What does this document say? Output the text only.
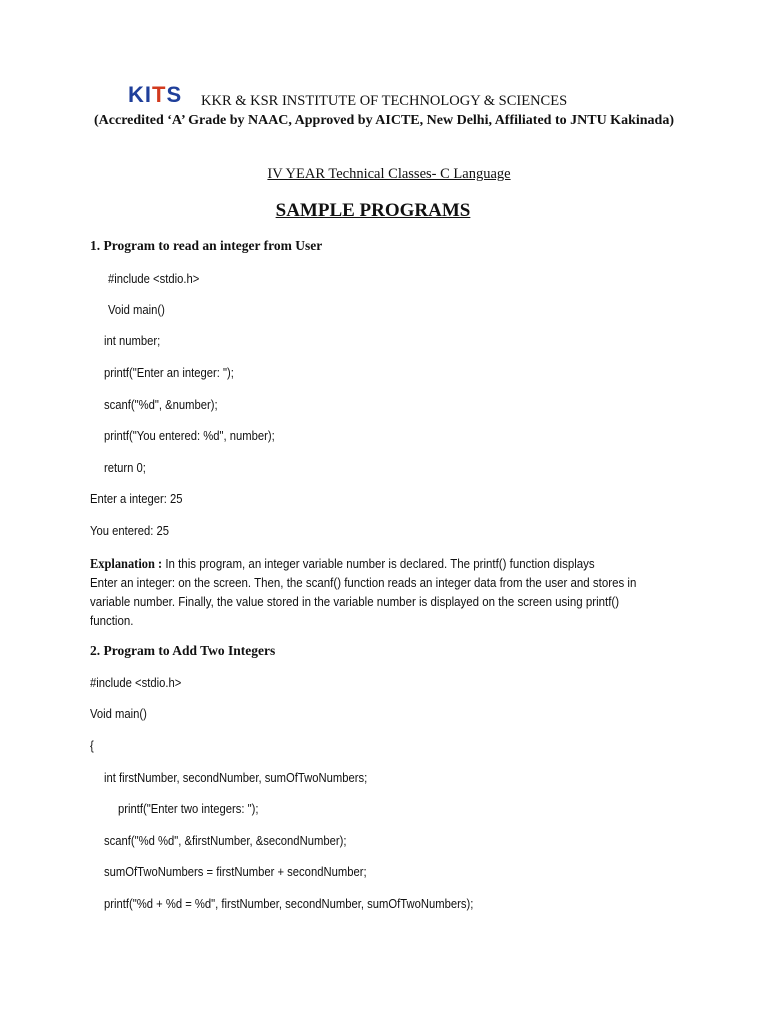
KITS KKR & KSR INSTITUTE OF TECHNOLOGY & SCIENCES
(Accredited ‘A’ Grade by NAAC, Approved by AICTE, New Delhi, Affiliated to JNTU Kakinada)
IV YEAR Technical Classes- C Language
SAMPLE PROGRAMS
1. Program to read an integer from User
#include <stdio.h>
Void main()
int number;
printf("Enter an integer: ");
scanf("%d", &number);
printf("You entered: %d", number);
return 0;
Enter a integer: 25
You entered: 25
Explanation : In this program, an integer variable number is declared. The printf() function displays
Enter an integer: on the screen. Then, the scanf() function reads an integer data from the user and stores in
variable number. Finally, the value stored in the variable number is displayed on the screen using printf()
function.
2. Program to Add Two Integers
#include <stdio.h>
Void main()
{
int firstNumber, secondNumber, sumOfTwoNumbers;
printf("Enter two integers: ");
scanf("%d %d", &firstNumber, &secondNumber);
sumOfTwoNumbers = firstNumber + secondNumber;
printf("%d + %d = %d", firstNumber, secondNumber, sumOfTwoNumbers);
